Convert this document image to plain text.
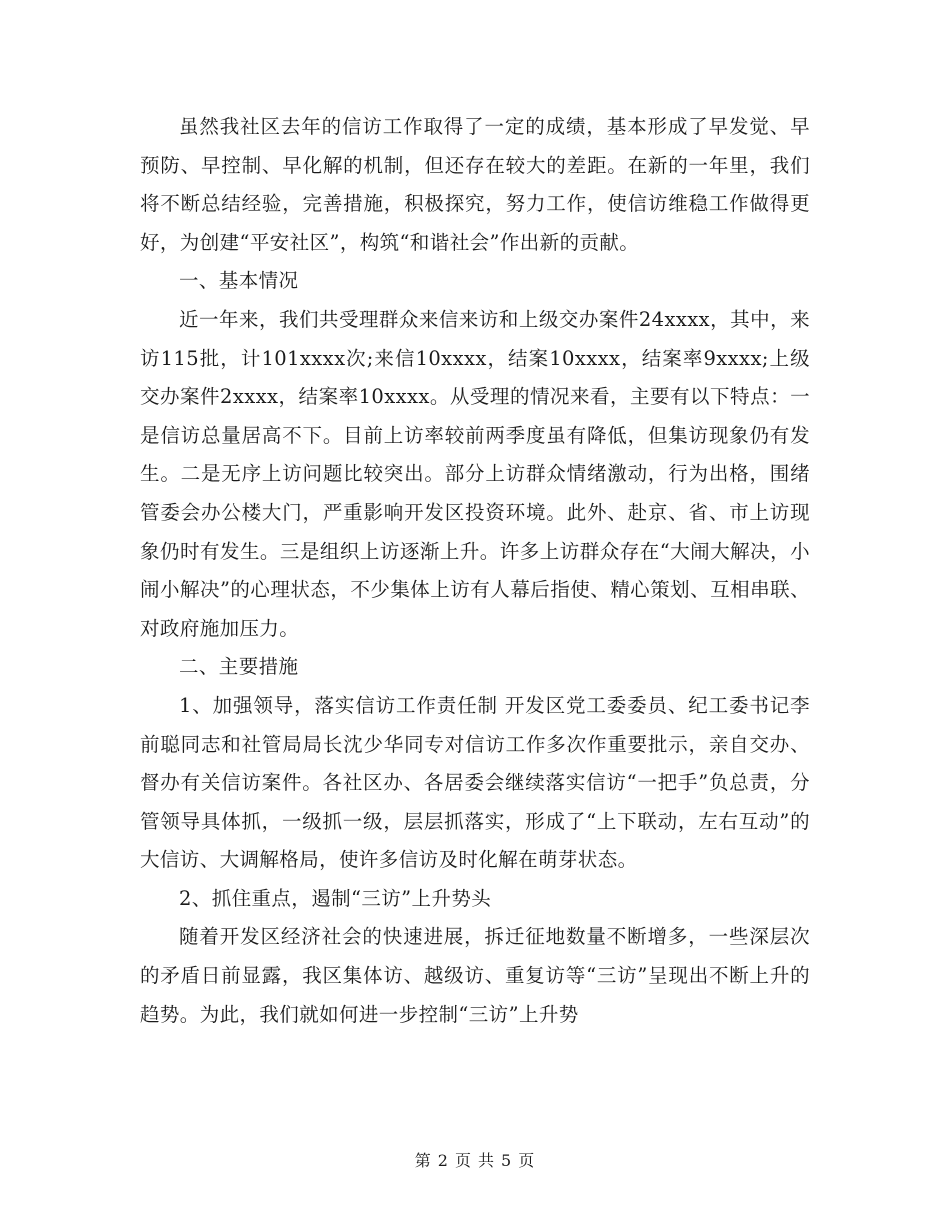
虽然我社区去年的信访工作取得了一定的成绩，基本形成了早发觉、早预防、早控制、早化解的机制，但还存在较大的差距。在新的一年里，我们将不断总结经验，完善措施，积极探究，努力工作，使信访维稳工作做得更好，为创建“平安社区”，构筑“和谐社会”作出新的贡献。

一、基本情况

近一年来，我们共受理群众来信来访和上级交办案件24xxxx，其中，来访115批，计101xxxx次;来信10xxxx，结案10xxxx，结案率9xxxx;上级交办案件2xxxx，结案率10xxxx。从受理的情况来看，主要有以下特点：一是信访总量居高不下。目前上访率较前两季度虽有降低，但集访现象仍有发生。二是无序上访问题比较突出。部分上访群众情绪激动，行为出格，围绪管委会办公楼大门，严重影响开发区投资环境。此外、赴京、省、市上访现象仍时有发生。三是组织上访逐渐上升。许多上访群众存在“大闹大解决，小闹小解决”的心理状态，不少集体上访有人幕后指使、精心策划、互相串联、对政府施加压力。

二、主要措施

1、加强领导，落实信访工作责任制 开发区党工委委员、纪工委书记李前聪同志和社管局局长沈少华同专对信访工作多次作重要批示，亲自交办、督办有关信访案件。各社区办、各居委会继续落实信访“一把手”负总责，分管领导具体抓，一级抓一级，层层抓落实，形成了“上下联动，左右互动”的大信访、大调解格局，使许多信访及时化解在萌芽状态。

2、抓住重点，遏制“三访”上升势头

随着开发区经济社会的快速进展，拆迁征地数量不断增多，一些深层次的矛盾日前显露，我区集体访、越级访、重复访等“三访”呈现出不断上升的趋势。为此，我们就如何进一步控制“三访”上升势

第 2 页 共 5 页
